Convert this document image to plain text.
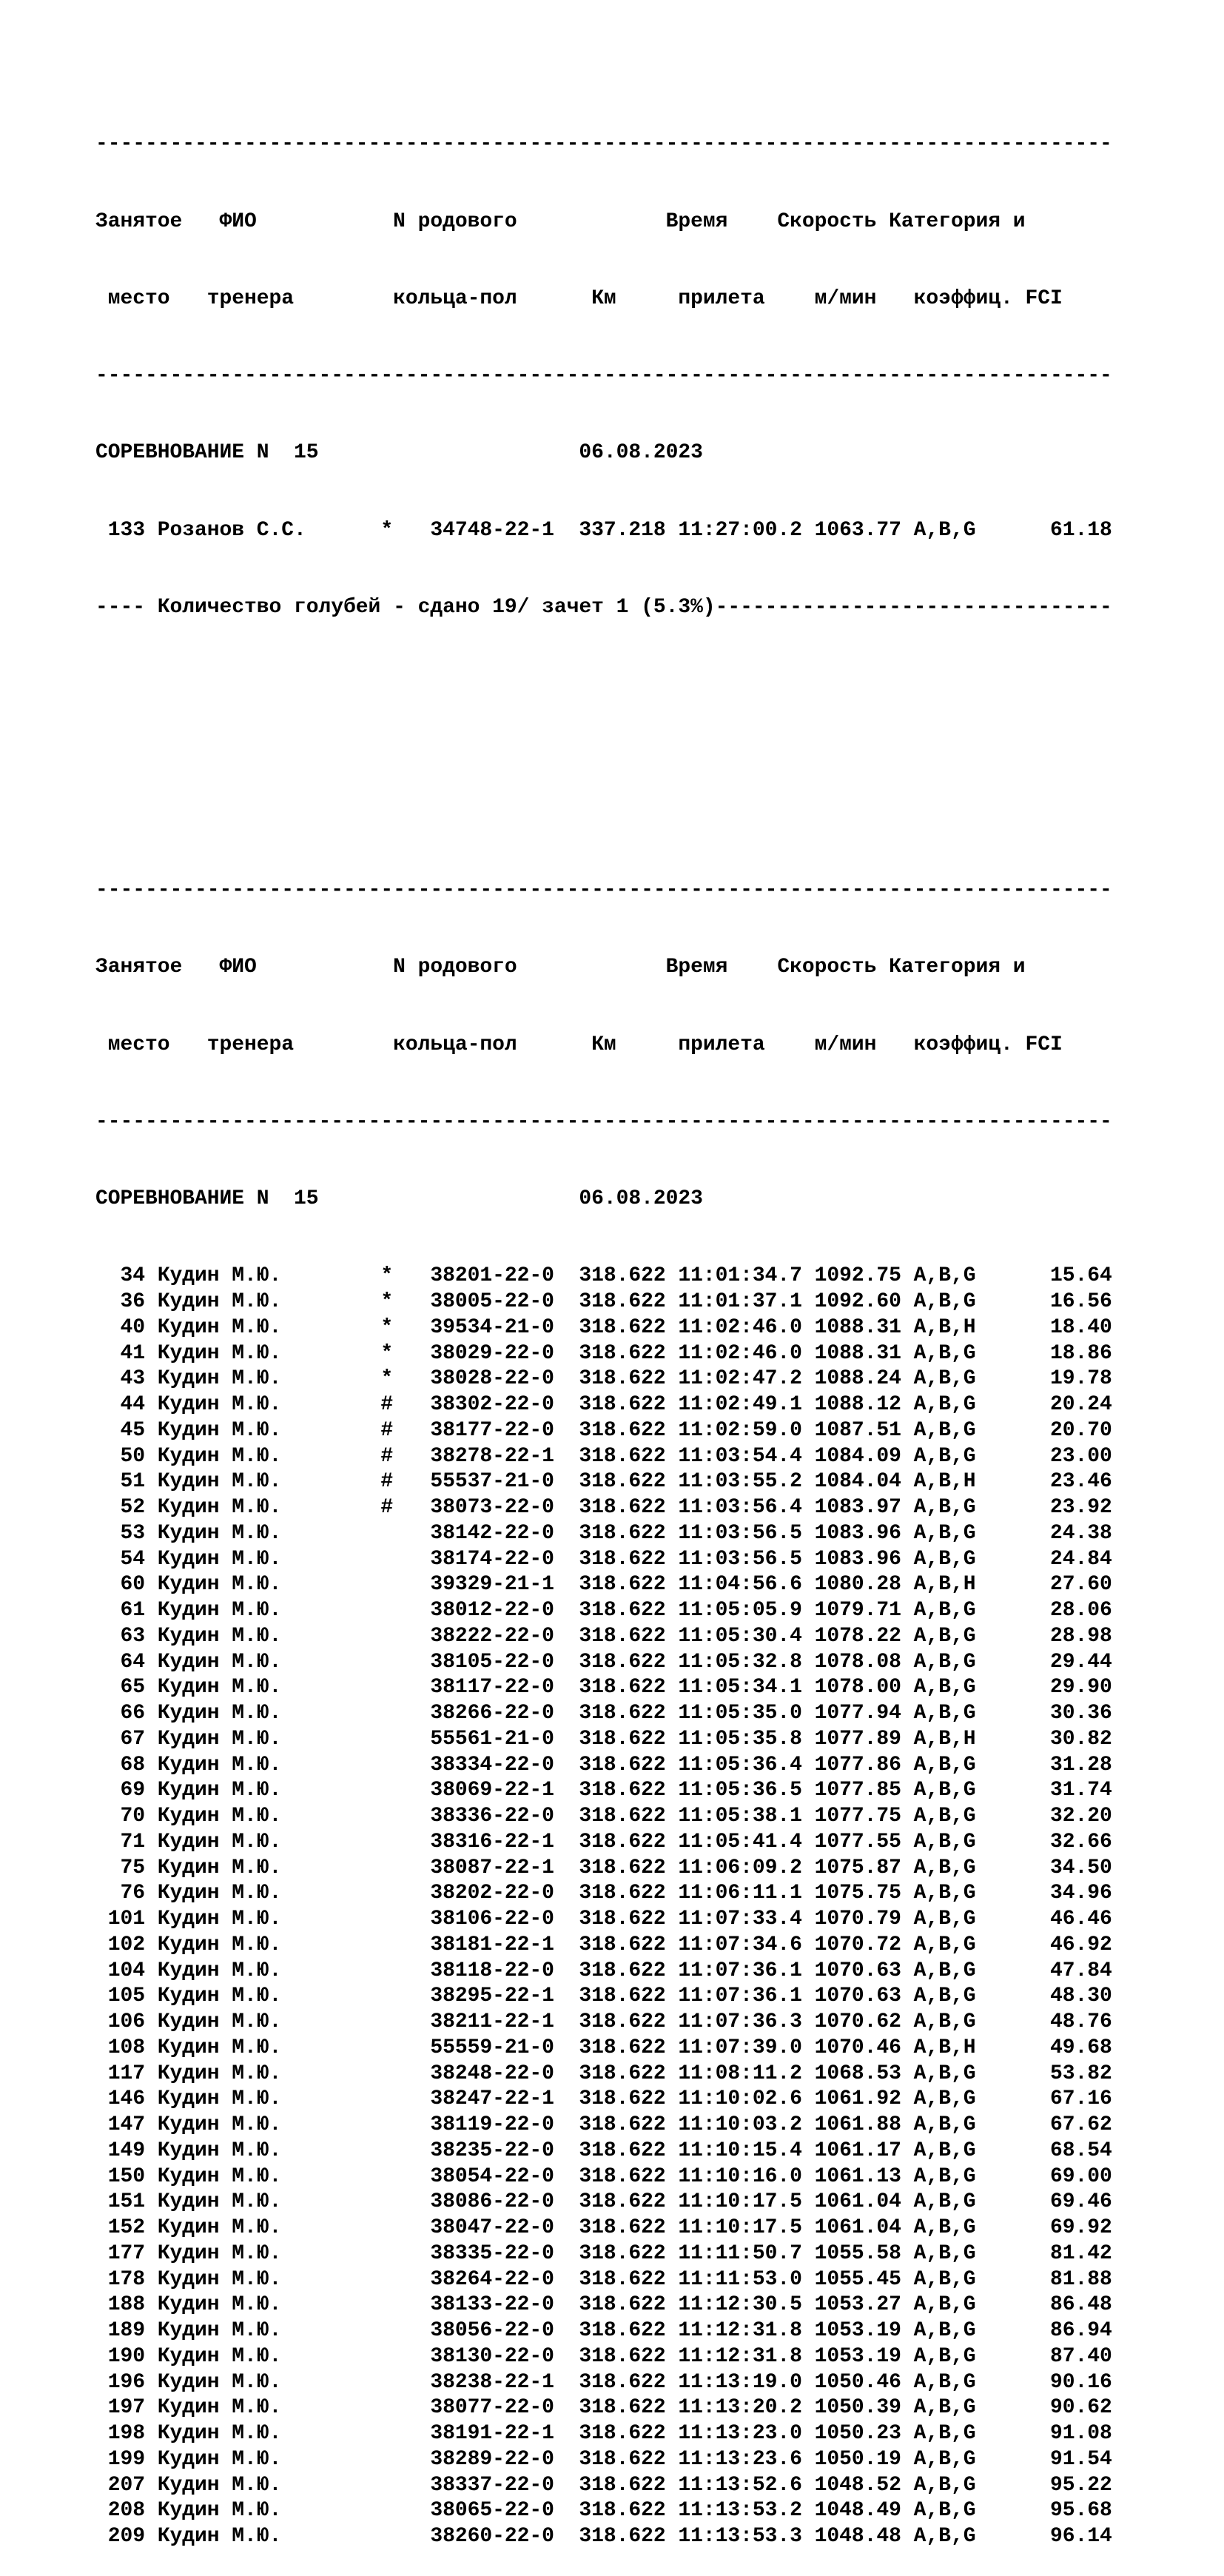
----------------------------------------------------------------------------------

Занятое   ФИО           N родового            Время    Скорость Категория и

место   тренера        кольца-пол      Км     прилета    м/мин   коэффиц. FCI

----------------------------------------------------------------------------------

СОРЕВНОВАНИЕ N  15                     06.08.2023

133 Розанов С.С.      *   34748-22-1  337.218 11:27:00.2 1063.77 A,B,G      61.18

---- Количество голубей - сдано 19/ зачет 1 (5.3%)--------------------------------

----------------------------------------------------------------------------------

Занятое   ФИО           N родового            Время    Скорость Категория и

место   тренера        кольца-пол      Км     прилета    м/мин   коэффиц. FCI

----------------------------------------------------------------------------------

СОРЕВНОВАНИЕ N  15                     06.08.2023

34 Кудин М.Ю.        *   38201-22-0  318.622 11:01:34.7 1092.75 A,B,G      15.64
36 Кудин М.Ю.        *   38005-22-0  318.622 11:01:37.1 1092.60 A,B,G      16.56
40 Кудин М.Ю.        *   39534-21-0  318.622 11:02:46.0 1088.31 A,B,H      18.40
41 Кудин М.Ю.        *   38029-22-0  318.622 11:02:46.0 1088.31 A,B,G      18.86
43 Кудин М.Ю.        *   38028-22-0  318.622 11:02:47.2 1088.24 A,B,G      19.78
44 Кудин М.Ю.        #   38302-22-0  318.622 11:02:49.1 1088.12 A,B,G      20.24
45 Кудин М.Ю.        #   38177-22-0  318.622 11:02:59.0 1087.51 A,B,G      20.70
50 Кудин М.Ю.        #   38278-22-1  318.622 11:03:54.4 1084.09 A,B,G      23.00
51 Кудин М.Ю.        #   55537-21-0  318.622 11:03:55.2 1084.04 A,B,H      23.46
52 Кудин М.Ю.        #   38073-22-0  318.622 11:03:56.4 1083.97 A,B,G      23.92
53 Кудин М.Ю.            38142-22-0  318.622 11:03:56.5 1083.96 A,B,G      24.38
54 Кудин М.Ю.            38174-22-0  318.622 11:03:56.5 1083.96 A,B,G      24.84
60 Кудин М.Ю.            39329-21-1  318.622 11:04:56.6 1080.28 A,B,H      27.60
61 Кудин М.Ю.            38012-22-0  318.622 11:05:05.9 1079.71 A,B,G      28.06
63 Кудин М.Ю.            38222-22-0  318.622 11:05:30.4 1078.22 A,B,G      28.98
64 Кудин М.Ю.            38105-22-0  318.622 11:05:32.8 1078.08 A,B,G      29.44
65 Кудин М.Ю.            38117-22-0  318.622 11:05:34.1 1078.00 A,B,G      29.90
66 Кудин М.Ю.            38266-22-0  318.622 11:05:35.0 1077.94 A,B,G      30.36
67 Кудин М.Ю.            55561-21-0  318.622 11:05:35.8 1077.89 A,B,H      30.82
68 Кудин М.Ю.            38334-22-0  318.622 11:05:36.4 1077.86 A,B,G      31.28
69 Кудин М.Ю.            38069-22-1  318.622 11:05:36.5 1077.85 A,B,G      31.74
70 Кудин М.Ю.            38336-22-0  318.622 11:05:38.1 1077.75 A,B,G      32.20
71 Кудин М.Ю.            38316-22-1  318.622 11:05:41.4 1077.55 A,B,G      32.66
75 Кудин М.Ю.            38087-22-1  318.622 11:06:09.2 1075.87 A,B,G      34.50
76 Кудин М.Ю.            38202-22-0  318.622 11:06:11.1 1075.75 A,B,G      34.96
101 Кудин М.Ю.            38106-22-0  318.622 11:07:33.4 1070.79 A,B,G      46.46
102 Кудин М.Ю.            38181-22-1  318.622 11:07:34.6 1070.72 A,B,G      46.92
104 Кудин М.Ю.            38118-22-0  318.622 11:07:36.1 1070.63 A,B,G      47.84
105 Кудин М.Ю.            38295-22-1  318.622 11:07:36.1 1070.63 A,B,G      48.30
106 Кудин М.Ю.            38211-22-1  318.622 11:07:36.3 1070.62 A,B,G      48.76
108 Кудин М.Ю.            55559-21-0  318.622 11:07:39.0 1070.46 A,B,H      49.68
117 Кудин М.Ю.            38248-22-0  318.622 11:08:11.2 1068.53 A,B,G      53.82
146 Кудин М.Ю.            38247-22-1  318.622 11:10:02.6 1061.92 A,B,G      67.16
147 Кудин М.Ю.            38119-22-0  318.622 11:10:03.2 1061.88 A,B,G      67.62
149 Кудин М.Ю.            38235-22-0  318.622 11:10:15.4 1061.17 A,B,G      68.54
150 Кудин М.Ю.            38054-22-0  318.622 11:10:16.0 1061.13 A,B,G      69.00
151 Кудин М.Ю.            38086-22-0  318.622 11:10:17.5 1061.04 A,B,G      69.46
152 Кудин М.Ю.            38047-22-0  318.622 11:10:17.5 1061.04 A,B,G      69.92
177 Кудин М.Ю.            38335-22-0  318.622 11:11:50.7 1055.58 A,B,G      81.42
178 Кудин М.Ю.            38264-22-0  318.622 11:11:53.0 1055.45 A,B,G      81.88
188 Кудин М.Ю.            38133-22-0  318.622 11:12:30.5 1053.27 A,B,G      86.48
189 Кудин М.Ю.            38056-22-0  318.622 11:12:31.8 1053.19 A,B,G      86.94
190 Кудин М.Ю.            38130-22-0  318.622 11:12:31.8 1053.19 A,B,G      87.40
196 Кудин М.Ю.            38238-22-1  318.622 11:13:19.0 1050.46 A,B,G      90.16
197 Кудин М.Ю.            38077-22-0  318.622 11:13:20.2 1050.39 A,B,G      90.62
198 Кудин М.Ю.            38191-22-1  318.622 11:13:23.0 1050.23 A,B,G      91.08
199 Кудин М.Ю.            38289-22-0  318.622 11:13:23.6 1050.19 A,B,G      91.54
207 Кудин М.Ю.            38337-22-0  318.622 11:13:52.6 1048.52 A,B,G      95.22
208 Кудин М.Ю.            38065-22-0  318.622 11:13:53.2 1048.49 A,B,G      95.68
209 Кудин М.Ю.            38260-22-0  318.622 11:13:53.3 1048.48 A,B,G      96.14
